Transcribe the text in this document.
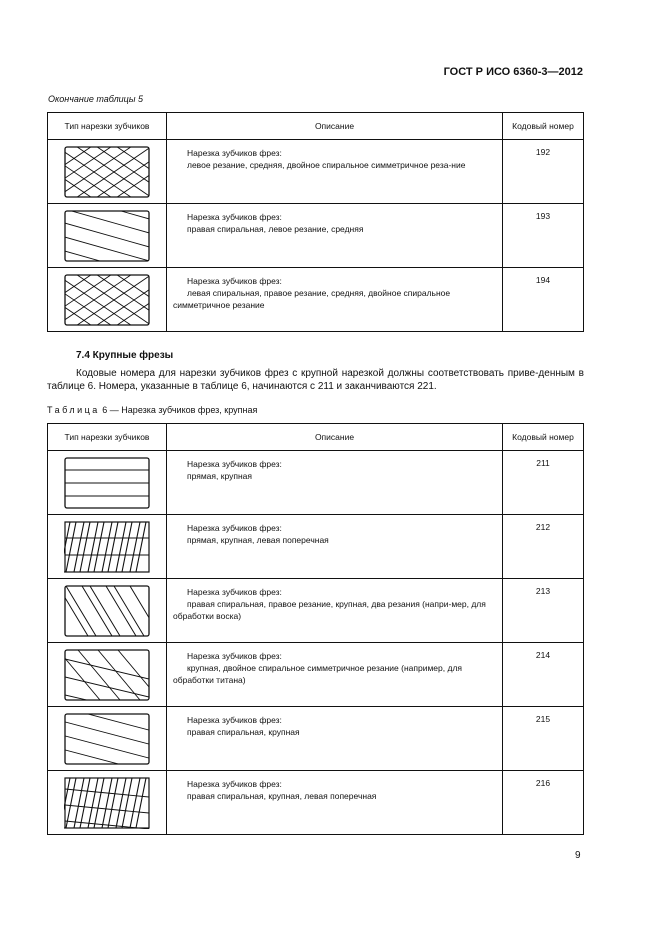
ГОСТ Р ИСО 6360-3—2012
Окончание таблицы 5
Тип нарезки зубчиков	Описание	Кодовый номер

Нарезка зубчиков фрез:
левое резание, средняя, двойное спиральное симметричное реза-ние	192

Нарезка зубчиков фрез:
правая спиральная, левое резание, средняя	193

Нарезка зубчиков фрез:
левая спиральная, правое резание, средняя, двойное спиральное симметричное резание	194
7.4 Крупные фрезы
Кодовые номера для нарезки зубчиков фрез с крупной нарезкой должны соответствовать приве-денным в таблице 6. Номера, указанные в таблице 6, начинаются с 211 и заканчиваются 221.
Таблица 6 — Нарезка зубчиков фрез, крупная
Тип нарезки зубчиков	Описание	Кодовый номер

Нарезка зубчиков фрез:
прямая, крупная	211

Нарезка зубчиков фрез:
прямая, крупная, левая поперечная	212

Нарезка зубчиков фрез:
правая спиральная, правое резание, крупная, два резания (напри-мер, для обработки воска)	213

Нарезка зубчиков фрез:
крупная, двойное спиральное симметричное резание (например, для обработки титана)	214

Нарезка зубчиков фрез:
правая спиральная, крупная	215

Нарезка зубчиков фрез:
правая спиральная, крупная, левая поперечная	216
9
